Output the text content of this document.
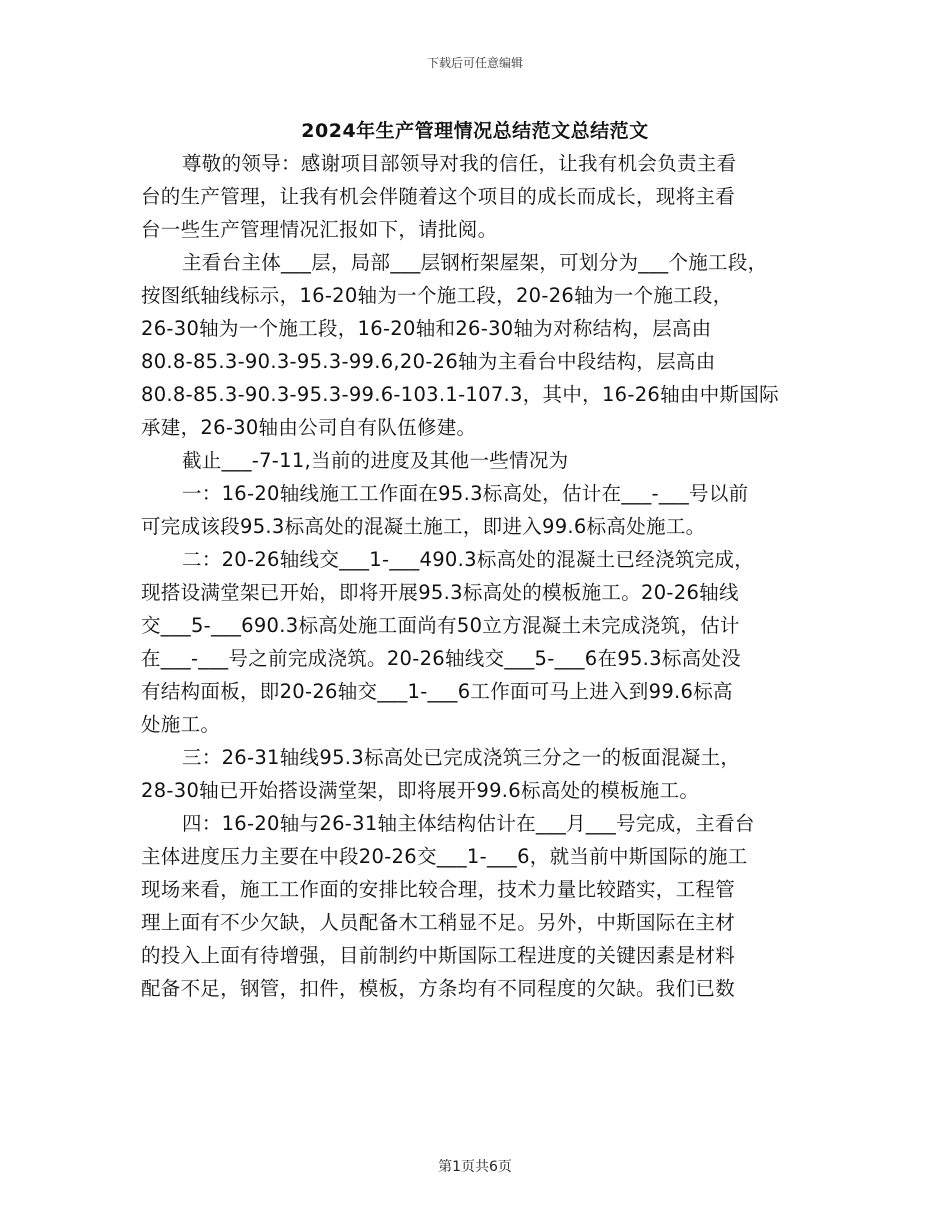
下载后可任意编辑
2024年生产管理情况总结范文总结范文
尊敬的领导：感谢项目部领导对我的信任，让我有机会负责主看
台的生产管理，让我有机会伴随着这个项目的成长而成长，现将主看
台一些生产管理情况汇报如下，请批阅。
主看台主体___层，局部___层钢桁架屋架，可划分为___个施工段，
按图纸轴线标示，16-20轴为一个施工段，20-26轴为一个施工段，
26-30轴为一个施工段，16-20轴和26-30轴为对称结构，层高由
80.8-85.3-90.3-95.3-99.6,20-26轴为主看台中段结构，层高由
80.8-85.3-90.3-95.3-99.6-103.1-107.3，其中，16-26轴由中斯国际
承建，26-30轴由公司自有队伍修建。
截止___-7-11,当前的进度及其他一些情况为
一：16-20轴线施工工作面在95.3标高处，估计在___-___号以前
可完成该段95.3标高处的混凝土施工，即进入99.6标高处施工。
二：20-26轴线交___1-___490.3标高处的混凝土已经浇筑完成，
现搭设满堂架已开始，即将开展95.3标高处的模板施工。20-26轴线
交___5-___690.3标高处施工面尚有50立方混凝土未完成浇筑，估计
在___-___号之前完成浇筑。20-26轴线交___5-___6在95.3标高处没
有结构面板，即20-26轴交___1-___6工作面可马上进入到99.6标高
处施工。
三：26-31轴线95.3标高处已完成浇筑三分之一的板面混凝土，
28-30轴已开始搭设满堂架，即将展开99.6标高处的模板施工。
四：16-20轴与26-31轴主体结构估计在___月___号完成，主看台
主体进度压力主要在中段20-26交___1-___6，就当前中斯国际的施工
现场来看，施工工作面的安排比较合理，技术力量比较踏实，工程管
理上面有不少欠缺，人员配备木工稍显不足。另外，中斯国际在主材
的投入上面有待增强，目前制约中斯国际工程进度的关键因素是材料
配备不足，钢管，扣件，模板，方条均有不同程度的欠缺。我们已数
第1页共6页
